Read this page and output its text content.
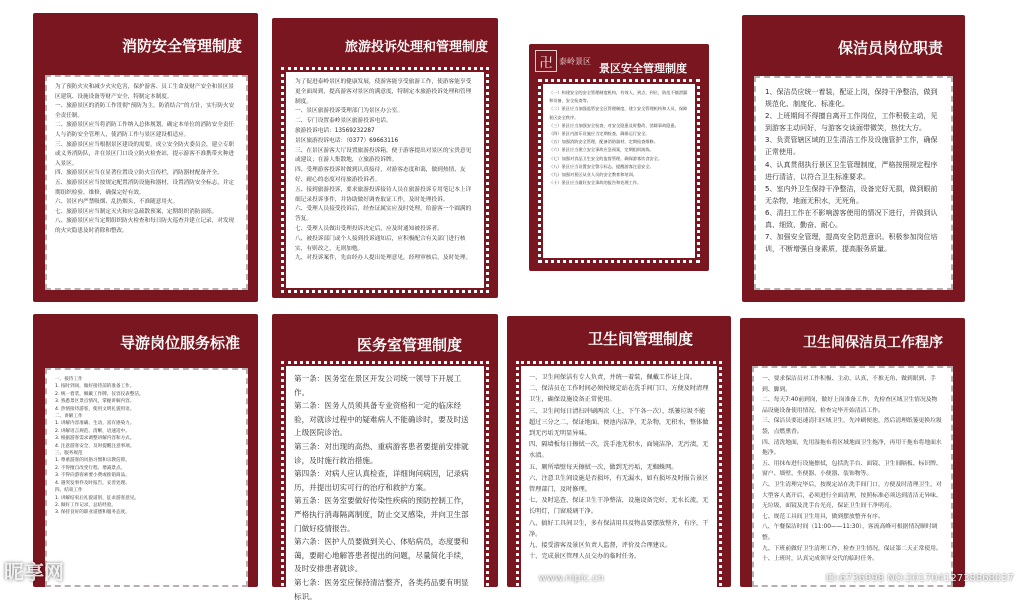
消防安全管理制度
为了预防火灾和减少火灾危害，保护游客、员工生命及财产安全和景区景区建筑、设施设备等财产安全，特制定本制度。
一、旅游景区的消防工作贯彻“预防为主，防消结合”的方针，实行防火安全责任制。
二、旅游景区应当将消防工作纳入总体规划，确定本单位的消防安全责任人与消防安全管理人，使消防工作与景区建设相适应。
三、旅游景区应当根据景区建设的需要，成立安全防火委员会，建立专职或义务消防队，并在景区门口设立防火检查站，提示游客不准携带火种进入景区。
四、旅游景区应当在显著位置设立防火宣传栏，消防器材配备齐全。
五、旅游景区应当按规定配置消防设施和器材，设置消防安全标志，并定期组织检验、维修，确保完好有效。
六、景区内严禁吸烟、乱扔烟头，不准随意用火。
七、旅游景区应当制定灭火和应急疏散预案，定期组织消防演练。
八、旅游景区应当定期组织防火检查和每日防火巡查并建立记录，对发现的火灾隐患及时消除和整改。
旅游投诉处理和管理制度
为了促进泰岭景区的健康发展，使游客能享受旅游工作，使游客能享受更全面周到，提高游客对景区的满意度，特制定本旅游投诉处理和管理制度。
一、景区旅游投诉受理部门为景区办公室。
二、专门设置泰岭景区旅游投诉电话。
旅游投诉电话：13569232287
景区旅游投诉电话：（0377）69663116
三、在景区游客大厅设置旅游投诉箱，便于游客提出对景区的宝贵意见或建议；在游人集散地，立旅游投诉牌。
四、受理游客投诉时做到认真接待，对游客态度和蔼，做到热情、友好、耐心的态度对待旅游投诉者。
五、接到旅游投诉，要求旅游投诉接待人员在旅游投诉专用笔记本上详细记录投诉事件，并协助做好调查取证工作，及时处理投诉。
六、受理人员接受投诉后，经查证属实应及时处理，给游客一个圆满的答复。
七、受理人员做出受理投诉决定后，应及时通知被投诉者。
八、被投诉部门或个人接到投诉通知后，应积极配合有关部门进行核实，有则改之，无则加勉。
九、对投诉案件，先由经办人提出处理意见，经理审核后，及时处理。
卍 泰岭景区
景区安全管理制度
（一）构建安全的安全管理制度机构，有效人，到点，到位，防范不慎泄漏和设备、安全检查等。
（二）景区应当加强监管安全区管理制度，建立安全管理机构和人员，保障景区安全秩序。
（三）景区应当加强安全检查，对安全隐患及时整改，消除事故隐患。
（四）景区内游乐设施应当定期检查，确保运行安全。
（五）加强消防安全管理，配备消防器材，定期检查维修。
（六）景区应当建立安全事故应急预案，定期组织演练。
（七）加强对食品卫生安全的监督管理，确保游客饮食安全。
（八）景区应当设置安全警示标志，提醒游客注意安全。
（九）加强对景区从业人员的安全教育和培训。
（十）景区应当做好安全事故的报告和处理工作。
保洁员岗位职责
1、保洁员应统一着装，配证上岗，保持干净整洁，做到规范化、制度化、标准化。
2、上班期间不得擅自离开工作岗位，工作积极主动，见到游客主动问好，与游客交谈面带微笑，热忱大方。
3、负责管辖区域的卫生清洁工作及设施管护工作，确保正常使用。
4、认真贯彻执行景区卫生管理制度，严格按照规定程序进行清洁，以符合卫生标准要求。
5、室内外卫生保持干净整洁，设备完好无损，做到眼前无杂物，地面无积水，无死角。
6、清扫工作在不影响游客使用的情况下进行，并做到认真、细致、勤奋、耐心。
7、加强安全管理，提高安全防范意识。积极参加岗位培训，不断增强自身素质，提高服务质量。
导游岗位服务标准
一、接待工作
1. 按时到岗，做好接待前的准备工作。
2. 统一着装，佩戴工作牌，仪容仪表整洁。
3. 熟悉景区景点情况，掌握讲解内容。
4. 热情接待游客，使用文明礼貌用语。
二、讲解工作
1. 讲解内容准确、生动，富有感染力。
2. 讲解语言规范、清晰，语速适中。
3. 根据游客需求调整讲解内容和方式。
4. 注意游客安全，及时提醒注意事项。
三、服务规范
1. 尊重游客的风俗习惯和宗教信仰。
2. 不得擅自改变行程、增减景点。
3. 不得向游客索要小费或推销商品。
4. 遇突发事件及时报告，妥善处理。
四、结束工作
1. 讲解结束后礼貌道别，征求游客意见。
2. 做好工作记录，总结经验。
3. 保持良好的职业道德和服务态度。
医务室管理制度
第一条：医务室在景区开发公司统一领导下开展工作。
第二条：医务人员须具备专业资格和一定的临床经验，对就诊过程中的疑难病人不能确诊时，要及时送上级医院诊治。
第三条：对出现的高热、重病游客患者要提前安排就诊，及时施行救治措施。
第四条：对病人应认真检查，详细询问病因，记录病历，并提出切实可行的治疗和救护方案。
第五条：医务室要做好传染性疾病的预防控制工作，严格执行消毒隔离制度，防止交叉感染，并向卫生部门做好疫情报告。
第六条：医护人员要做到关心、体贴病员，态度要和蔼，要耐心地解答患者提出的问题，尽量简化手续，及时安排患者就诊。
第七条：医务室应保持清洁整齐，各类药品要有明显标识。
卫生间管理制度
一、卫生间保洁有专人负责，并统一着装，佩戴工作证上岗。
二、保洁员在工作时间必须按规定站在洗手间门口，方便及时清理卫生，确保设施设备正常使用。
三、卫生间每日清扫冲刷两次（上、下午各一次），纸篓垃圾不能超过三分之二，保证地面、便池内洁净，无杂物，无积水，整体做到无污垢无明显异味。
四、隔墙板每日擦拭一次，洗手池无积水，面镜洁净，无污渍，无水渍。
五、厕所墙壁每天擦拭一次，做到无污垢，无蜘蛛网。
六、注意卫生间设施是否损坏，有无漏水，如有损坏及时报告景区管理部门，及时修理。
七、及时巡查，保证卫生干净整洁，设施设备完好，无水长流，无长明灯，门窗玻璃干净。
八、搞好工具间卫生，多有保洁用具及物品要摆放整齐，有序，干净。
九、接受游客及景区负责人监督，评价及合理建议。
十、完成景区管理人员交办的临时任务。
卫生间保洁员工作程序
一、要求保洁员对工作积极、主动、认真、不推无角、做到眼到、手到、脚到。
二、每天7:40前到岗，做好上岗准备工作，先检查区域卫生情况及物品设施设备使用情况，检查完毕开始清洁工作。
三、保洁员要迅速清扫区域卫生，先冲刷便池，然后清理纸篓更换垃圾袋，点燃熏香。
四、清洗地面，先用湿拖布将区域地面卫生拖净，再用干拖布将地面水拖净。
五、用抹布进行设施擦拭，包括洗手台、面镜、卫生间隔板、标识牌、窗户、墙壁、坐便器、小便器、装饰物等。
六、卫生清理完毕后，按规定站在洗手间门口，方便及时清理卫生，对大型客人离开后，必须进行全面清理，按照标准必须达到清洁无异味、无垃圾，面镜及洗手台光亮，保证卫生间干净明亮。
七、规范工具间卫生用具，做到摆放整齐有序。
八、午餐保洁时间（11:00——11:30），客流高峰可根据情况顺时调整。
九、下班前做好卫生清理工作，检查卫生情况，保证第二天正常使用。
十、上班时，认真完成领导交代的临时任务。
昵享网	www.nipic.cn	ID:6736998 NO:20170412738868037
